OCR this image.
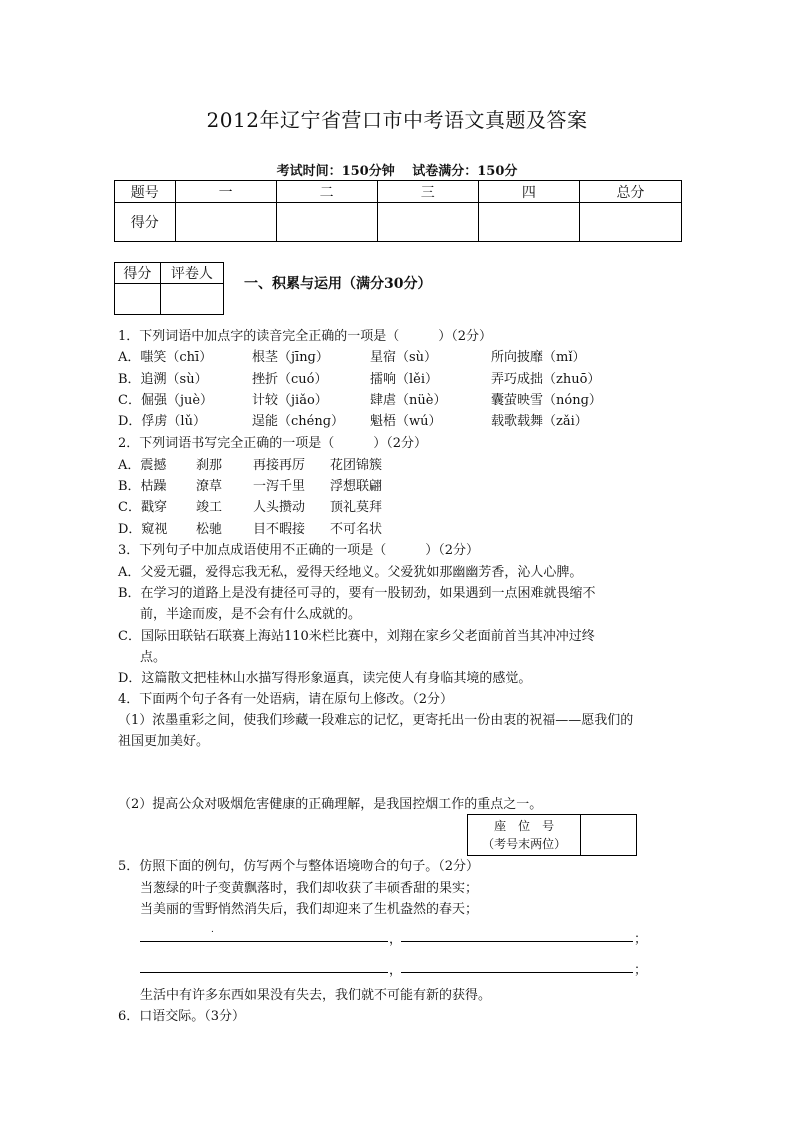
2012年辽宁省营口市中考语文真题及答案
考试时间：150分钟　 试卷满分：150分
题号	一	二	三	四	总分
得分					
得分	评卷人

一、积累与运用（满分30分）
1．下列词语中加点字的读音完全正确的一项是（　　　）（2分）
A．嗤笑（chī）	根茎（jīnɡ）	星宿（sù）	所向披靡（mǐ）
B．追溯（sù）	挫折（cuó）	擂响（lěi）	弄巧成拙（zhuō）
C．倔强（juè）	计较（jiǎo）	肆虐（nüè）	囊萤映雪（nónɡ）
D．俘虏（lǔ）	逞能（chénɡ） 魁梧（wú）	载歌载舞（zǎi）
2．下列词语书写完全正确的一项是（　　　）（2分）
A．震撼 刹那 再接再厉 花团锦簇
B．枯躁 潦草 一泻千里 浮想联翩
C．戳穿 竣工 人头攒动 顶礼莫拜
D．窥视 松驰 目不暇接 不可名状
3．下列句子中加点成语使用不正确的一项是（　　　）（2分）
A．父爱无疆，爱得忘我无私，爱得天经地义。父爱犹如那幽幽芳香，沁人心脾。
B．在学习的道路上是没有捷径可寻的，要有一股韧劲，如果遇到一点困难就畏缩不
前，半途而废，是不会有什么成就的。
C．国际田联钻石联赛上海站110米栏比赛中，刘翔在家乡父老面前首当其冲冲过终
点。
D．这篇散文把桂林山水描写得形象逼真，读完使人有身临其境的感觉。
4．下面两个句子各有一处语病，请在原句上修改。（2分）
（1）浓墨重彩之间，使我们珍藏一段难忘的记忆，更寄托出一份由衷的祝福——愿我们的
祖国更加美好。
（2）提高公众对吸烟危害健康的正确理解，是我国控烟工作的重点之一。
座　位　号
（考号末两位）

5．仿照下面的例句，仿写两个与整体语境吻合的句子。（2分）
当葱绿的叶子变黄飘落时，我们却收获了丰硕香甜的果实；
当美丽的雪野悄然消失后，我们却迎来了生机盎然的春天；
.
，	；
，	；
生活中有许多东西如果没有失去，我们就不可能有新的获得。
6．口语交际。（3分）
